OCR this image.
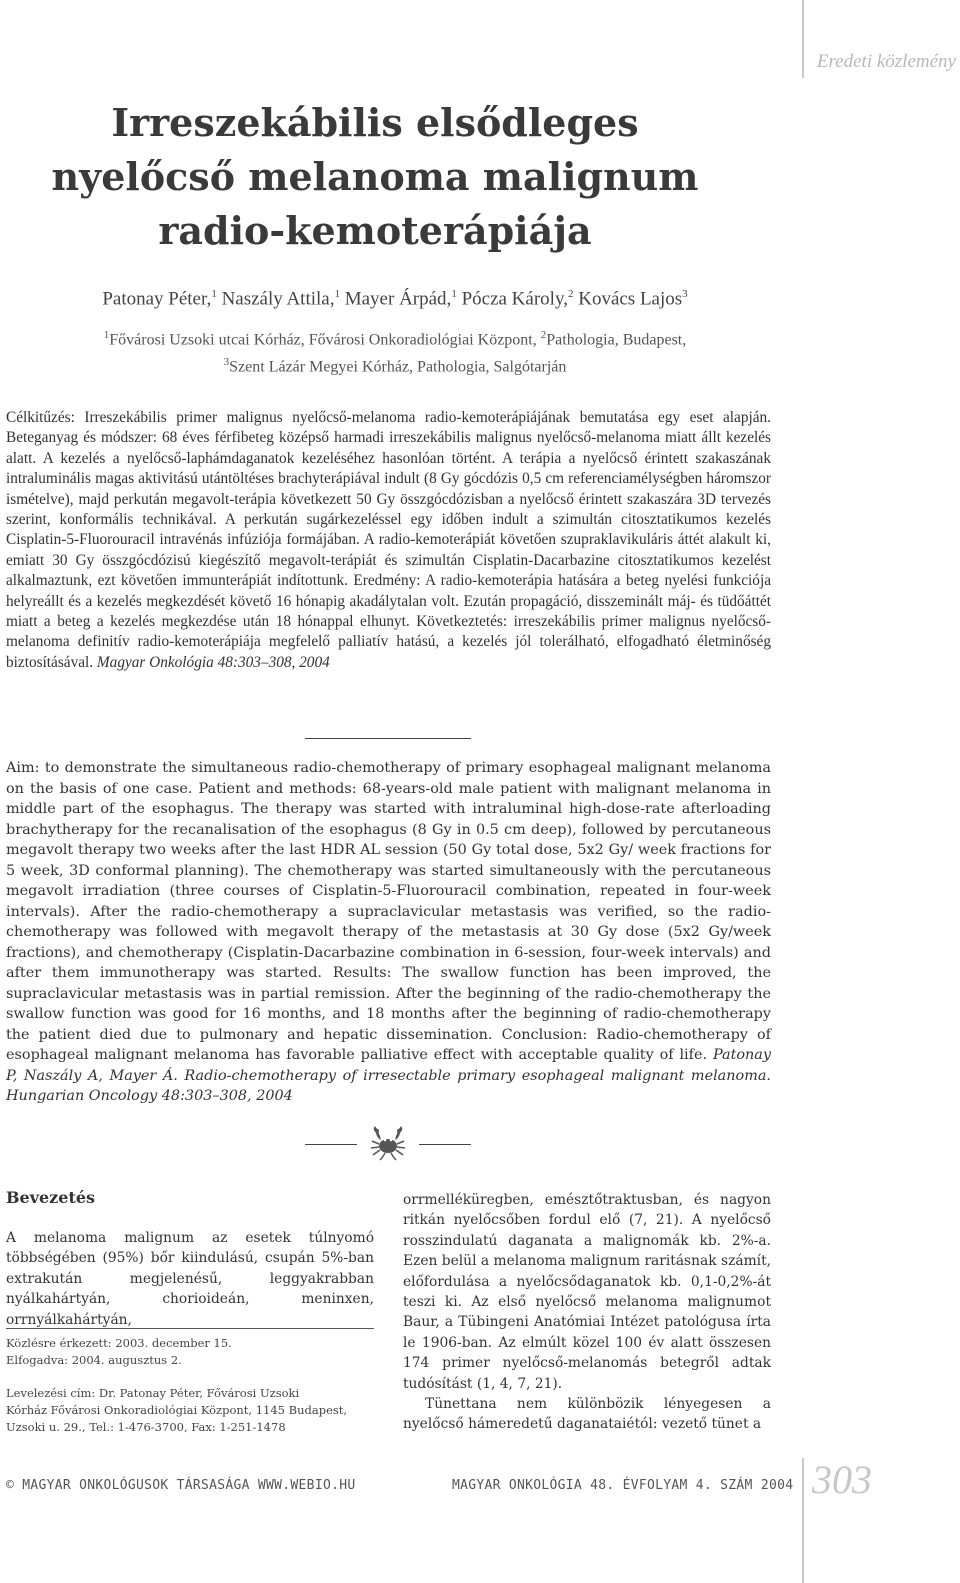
Eredeti közlemény
Irreszekábilis elsődleges nyelőcső melanoma malignum radio-kemoterápiája
Patonay Péter,$^1$ Naszály Attila,$^1$ Mayer Árpád,$^1$ Pócza Károly,$^2$ Kovács Lajos$^3$
$^1$Fővárosi Uzsoki utcai Kórház, Fővárosi Onkoradiológiai Központ, $^2$Pathologia, Budapest,
$^3$Szent Lázár Megyei Kórház, Pathologia, Salgótarján

Célkitűzés: Irreszekábilis primer malignus nyelőcső-melanoma radio-kemoterápiájának bemutatása egy eset alapján. Beteganyag és módszer: 68 éves férfibeteg középső harmadi irreszekábilis malignus nyelőcső-melanoma miatt állt kezelés alatt. A kezelés a nyelőcső-laphámdaganatok kezeléséhez hasonlóan történt. A terápia a nyelőcső érintett szakaszának intraluminális magas aktivitású utántöltéses brachyterápiával indult (8 Gy gócdózis 0,5 cm referenciamélységben háromszor ismételve), majd perkután megavolt-terápia következett 50 Gy összgócdózisban a nyelőcső érintett szakaszára 3D tervezés szerint, konformális technikával. A perkután sugárkezeléssel egy időben indult a szimultán citosztatikumos kezelés Cisplatin-5-Fluorouracil intravénás infúziója formájában. A radio-kemoterápiát követően szupraklavikuláris áttét alakult ki, emiatt 30 Gy összgócdózisú kiegészítő megavolt-terápiát és szimultán Cisplatin-Dacarbazine citosztatikumos kezelést alkalmaztunk, ezt követően immunterápiát indítottunk. Eredmény: A radio-kemoterápia hatására a beteg nyelési funkciója helyreállt és a kezelés megkezdését követő 16 hónapig akadálytalan volt. Ezután propagáció, disszeminált máj- és tüdőáttét miatt a beteg a kezelés megkezdése után 18 hónappal elhunyt. Következtetés: irreszekábilis primer malignus nyelőcső-melanoma definitív radio-kemoterápiája megfelelő palliatív hatású, a kezelés jól tolerálható, elfogadható életminőség biztosításával. Magyar Onkológia 48:303–308, 2004

Aim: to demonstrate the simultaneous radio-chemotherapy of primary esophageal malignant melanoma on the basis of one case. Patient and methods: 68-years-old male patient with malignant melanoma in middle part of the esophagus. The therapy was started with intraluminal high-dose-rate afterloading brachytherapy for the recanalisation of the esophagus (8 Gy in 0.5 cm deep), followed by percutaneous megavolt therapy two weeks after the last HDR AL session (50 Gy total dose, 5x2 Gy/ week fractions for 5 week, 3D conformal planning). The chemotherapy was started simultaneously with the percutaneous megavolt irradiation (three courses of Cisplatin-5-Fluorouracil combination, repeated in four-week intervals). After the radio-chemotherapy a supraclavicular metastasis was verified, so the radio-chemotherapy was followed with megavolt therapy of the metastasis at 30 Gy dose (5x2 Gy/week fractions), and chemotherapy (Cisplatin-Dacarbazine combination in 6-session, four-week intervals) and after them immunotherapy was started. Results: The swallow function has been improved, the supraclavicular metastasis was in partial remission. After the beginning of the radio-chemotherapy the swallow function was good for 16 months, and 18 months after the beginning of radio-chemotherapy the patient died due to pulmonary and hepatic dissemination. Conclusion: Radio-chemotherapy of esophageal malignant melanoma has favorable palliative effect with acceptable quality of life. Patonay P, Naszály A, Mayer Á. Radio-chemotherapy of irresectable primary esophageal malignant melanoma. Hungarian Oncology 48:303–308, 2004

Bevezetés

A melanoma malignum az esetek túlnyomó többségében (95%) bőr kiindulású, csupán 5%-ban extrakután megjelenésű, leggyakrabban nyálkahártyán, chorioideán, meninxen, orrnyálkahártyán,

orrmelléküregben, emésztőtraktusban, és nagyon ritkán nyelőcsőben fordul elő (7, 21). A nyelőcső rosszindulatú daganata a malignomák kb. 2%-a. Ezen belül a melanoma malignum raritásnak számít, előfordulása a nyelőcsődaganatok kb. 0,1-0,2%-át teszi ki. Az első nyelőcső melanoma malignumot Baur, a Tübingeni Anatómiai Intézet patológusa írta le 1906-ban. Az elmúlt közel 100 év alatt összesen 174 primer nyelőcső-melanomás betegről adtak tudósítást (1, 4, 7, 21).

Tünettana nem különbözik lényegesen a nyelőcső hámeredetű daganataiétól: vezető tünet a

Közlésre érkezett: 2003. december 15.
Elfogadva: 2004. augusztus 2.
Levelezési cím: Dr. Patonay Péter, Fővárosi Uzsoki
Kórház Fővárosi Onkoradiológiai Központ, 1145 Budapest,
Uzsoki u. 29., Tel.: 1-476-3700, Fax: 1-251-1478
© MAGYAR ONKOLÓGUSOK TÁRSASÁGA WWW.WEBIO.HU	MAGYAR ONKOLÓGIA 48. ÉVFOLYAM 4. SZÁM 2004 303
